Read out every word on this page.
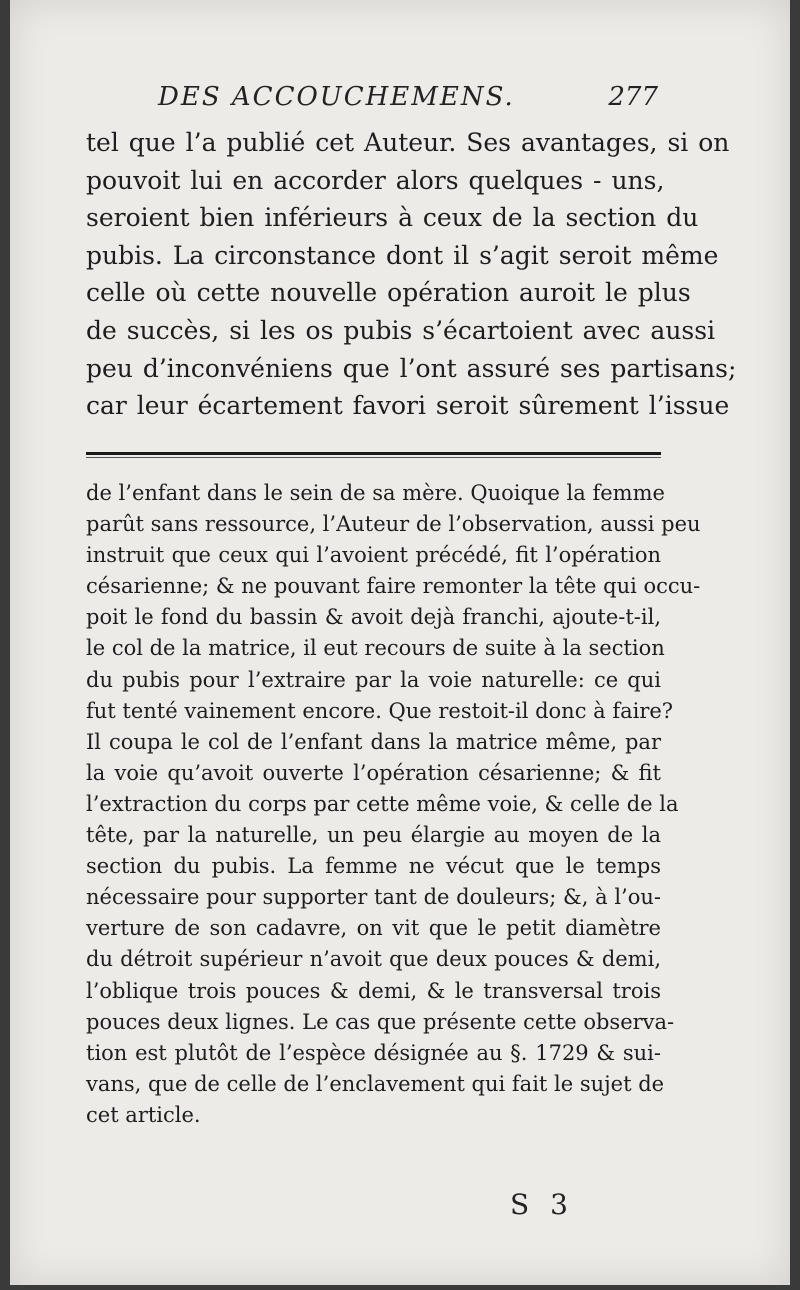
DES ACCOUCHEMENS.	277
tel que l’a publié cet Auteur. Ses avantages, si on
pouvoit lui en accorder alors quelques - uns,
seroient bien inférieurs à ceux de la section du
pubis. La circonstance dont il s’agit seroit même
celle où cette nouvelle opération auroit le plus
de succès, si les os pubis s’écartoient avec aussi
peu d’inconvéniens que l’ont assuré ses partisans;
car leur écartement favori seroit sûrement l’issue
de l’enfant dans le sein de sa mère. Quoique la femme
parût sans ressource, l’Auteur de l’observation, aussi peu
instruit que ceux qui l’avoient précédé, fit l’opération
césarienne; & ne pouvant faire remonter la tête qui occu-
poit le fond du bassin & avoit dejà franchi, ajoute-t-il,
le col de la matrice, il eut recours de suite à la section
du pubis pour l’extraire par la voie naturelle: ce qui
fut tenté vainement encore. Que restoit-il donc à faire?
Il coupa le col de l’enfant dans la matrice même, par
la voie qu’avoit ouverte l’opération césarienne; & fit
l’extraction du corps par cette même voie, & celle de la
tête, par la naturelle, un peu élargie au moyen de la
section du pubis. La femme ne vécut que le temps
nécessaire pour supporter tant de douleurs; &, à l’ou-
verture de son cadavre, on vit que le petit diamètre
du détroit supérieur n’avoit que deux pouces & demi,
l’oblique trois pouces & demi, & le transversal trois
pouces deux lignes. Le cas que présente cette observa-
tion est plutôt de l’espèce désignée au §. 1729 & sui-
vans, que de celle de l’enclavement qui fait le sujet de
cet article.
S 3
